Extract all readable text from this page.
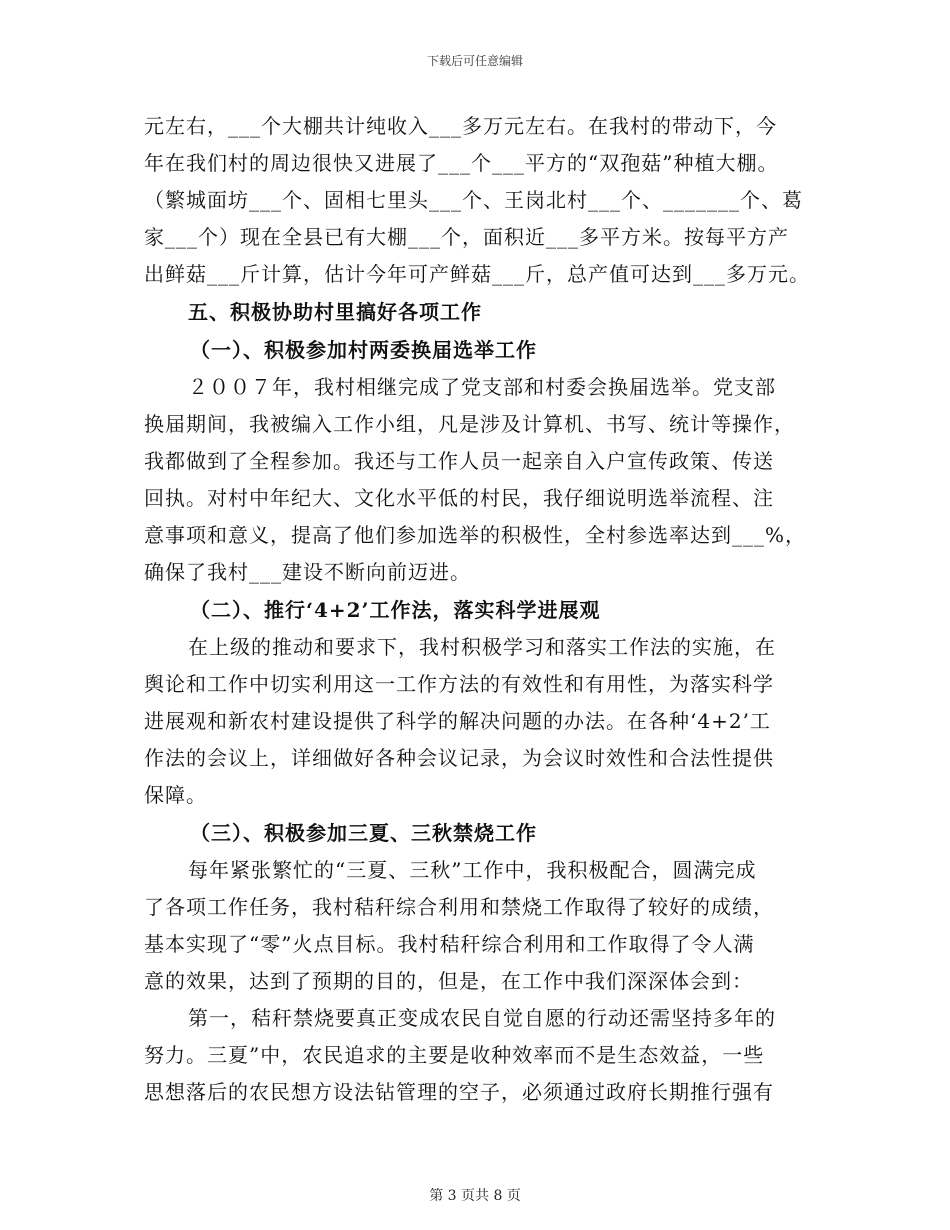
下载后可任意编辑
元左右，___个大棚共计纯收入___多万元左右。在我村的带动下，今
年在我们村的周边很快又进展了___个___平方的“双孢菇”种植大棚。
（繁城面坊___个、固相七里头___个、王岗北村___个、_______个、葛
家___个）现在全县已有大棚___个，面积近___多平方米。按每平方产
出鲜菇___斤计算，估计今年可产鲜菇___斤，总产值可达到___多万元。
五、积极协助村里搞好各项工作
（一）、积极参加村两委换届选举工作
２００７年，我村相继完成了党支部和村委会换届选举。党支部
换届期间，我被编入工作小组，凡是涉及计算机、书写、统计等操作，
我都做到了全程参加。我还与工作人员一起亲自入户宣传政策、传送
回执。对村中年纪大、文化水平低的村民，我仔细说明选举流程、注
意事项和意义，提高了他们参加选举的积极性，全村参选率达到___%，
确保了我村___建设不断向前迈进。
（二）、推行‘4+2’工作法，落实科学进展观
在上级的推动和要求下，我村积极学习和落实工作法的实施，在
舆论和工作中切实利用这一工作方法的有效性和有用性，为落实科学
进展观和新农村建设提供了科学的解决问题的办法。在各种‘4+2’工
作法的会议上，详细做好各种会议记录，为会议时效性和合法性提供
保障。
（三）、积极参加三夏、三秋禁烧工作
每年紧张繁忙的“三夏、三秋”工作中，我积极配合，圆满完成
了各项工作任务，我村秸秆综合利用和禁烧工作取得了较好的成绩，
基本实现了“零”火点目标。我村秸秆综合利用和工作取得了令人满
意的效果，达到了预期的目的，但是，在工作中我们深深体会到：
第一，秸秆禁烧要真正变成农民自觉自愿的行动还需坚持多年的
努力。三夏”中，农民追求的主要是收种效率而不是生态效益，一些
思想落后的农民想方设法钻管理的空子，必须通过政府长期推行强有
第 3 页共 8 页
